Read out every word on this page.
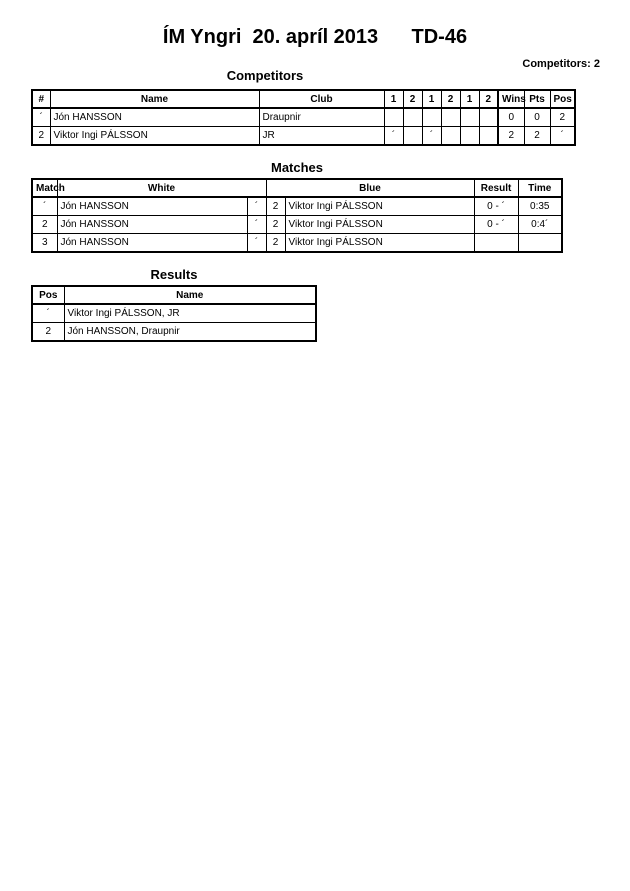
ÍM Yngri  20. apríl 2013      TD-46
Competitors: 2
Competitors
#	Name	Club	1	2	1	2	1	2	Wins	Pts	Pos
´	Jón HANSSON	Draupnir							0	0	2
2	Viktor Ingi PÁLSSON	JR	´		´				2	2	´
Matches
Match	White		Blue		Result	Time
´	Jón HANSSON	´	2	Viktor Ingi PÁLSSON	0 - ´	0:35
2	Jón HANSSON	´	2	Viktor Ingi PÁLSSON	0 - ´	0:4´
3	Jón HANSSON	´	2	Viktor Ingi PÁLSSON		
Results
Pos	Name
´	Viktor Ingi PÁLSSON, JR
2	Jón HANSSON, Draupnir
